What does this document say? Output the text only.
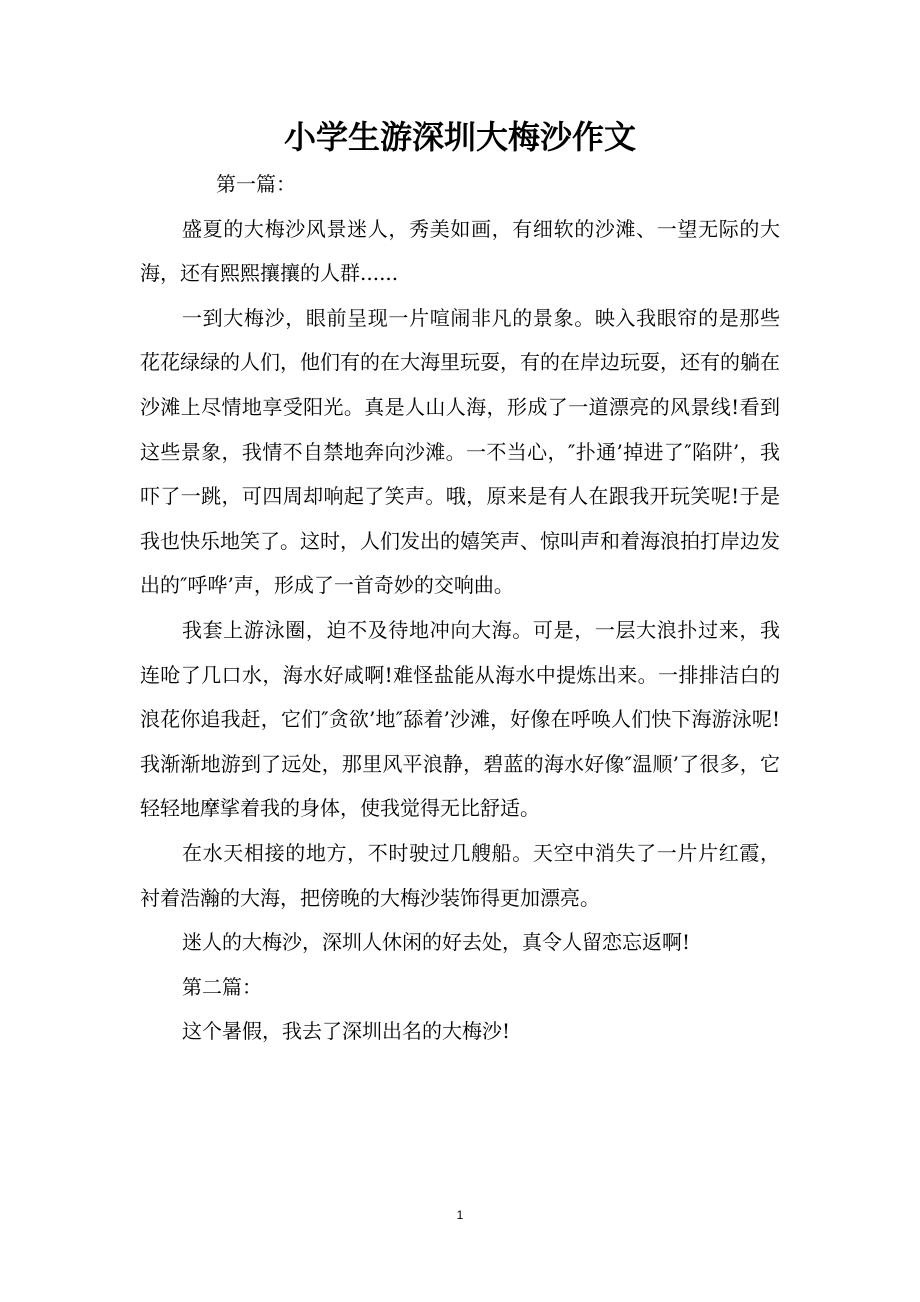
小学生游深圳大梅沙作文

第一篇：

盛夏的大梅沙风景迷人，秀美如画，有细软的沙滩、一望无际的大海，还有熙熙攘攘的人群......

一到大梅沙，眼前呈现一片喧闹非凡的景象。映入我眼帘的是那些花花绿绿的人们，他们有的在大海里玩耍，有的在岸边玩耍，还有的躺在沙滩上尽情地享受阳光。真是人山人海，形成了一道漂亮的风景线!看到这些景象，我情不自禁地奔向沙滩。一不当心，″扑通’掉进了″陷阱’，我吓了一跳，可四周却响起了笑声。哦，原来是有人在跟我开玩笑呢!于是我也快乐地笑了。这时，人们发出的嬉笑声、惊叫声和着海浪拍打岸边发出的″呼哗’声，形成了一首奇妙的交响曲。

我套上游泳圈，迫不及待地冲向大海。可是，一层大浪扑过来，我连呛了几口水，海水好咸啊!难怪盐能从海水中提炼出来。一排排洁白的浪花你追我赶，它们″贪欲’地″舔着’沙滩，好像在呼唤人们快下海游泳呢!我渐渐地游到了远处，那里风平浪静，碧蓝的海水好像″温顺’了很多，它轻轻地摩挲着我的身体，使我觉得无比舒适。

在水天相接的地方，不时驶过几艘船。天空中消失了一片片红霞，衬着浩瀚的大海，把傍晚的大梅沙装饰得更加漂亮。

迷人的大梅沙，深圳人休闲的好去处，真令人留恋忘返啊!

第二篇：

这个暑假，我去了深圳出名的大梅沙!

1
